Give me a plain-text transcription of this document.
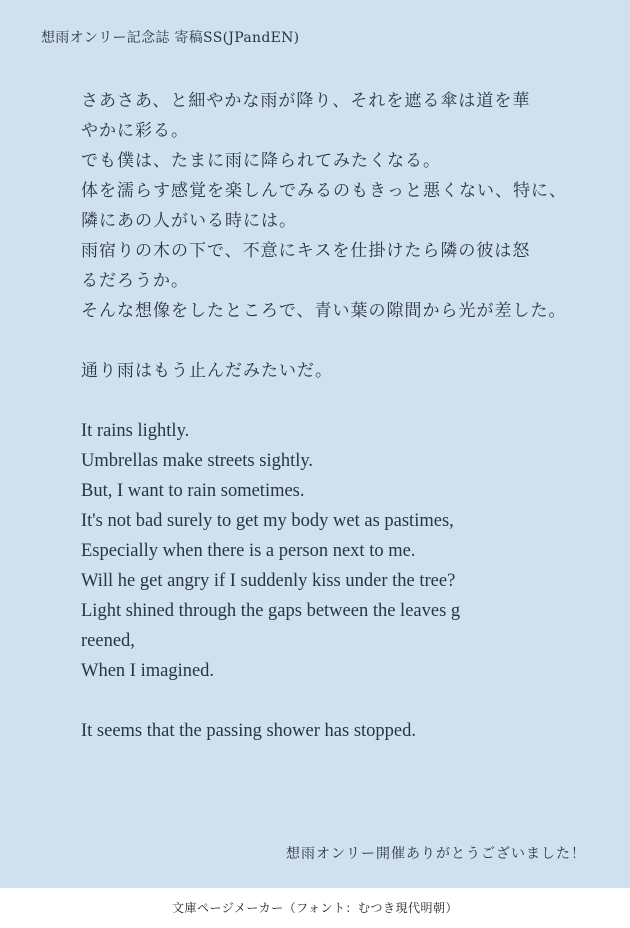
想雨オンリー記念誌 寄稿SS(JPandEN)
さあさあ、と細やかな雨が降り、それを遮る傘は道を華
やかに彩る。
でも僕は、たまに雨に降られてみたくなる。
体を濡らす感覚を楽しんでみるのもきっと悪くない、特に、
隣にあの人がいる時には。
雨宿りの木の下で、不意にキスを仕掛けたら隣の彼は怒
るだろうか。
そんな想像をしたところで、青い葉の隙間から光が差した。
通り雨はもう止んだみたいだ。
It rains lightly.
Umbrellas make streets sightly.
But, I want to rain sometimes.
It's not bad surely to get my body wet as pastimes,
Especially when there is a person next to me.
Will he get angry if I suddenly kiss under the tree?
Light shined through the gaps between the leaves g
reened,
When I imagined.
It seems that the passing shower has stopped.
想雨オンリー開催ありがとうございました！
文庫ページメーカー（フォント：むつき現代明朝）
